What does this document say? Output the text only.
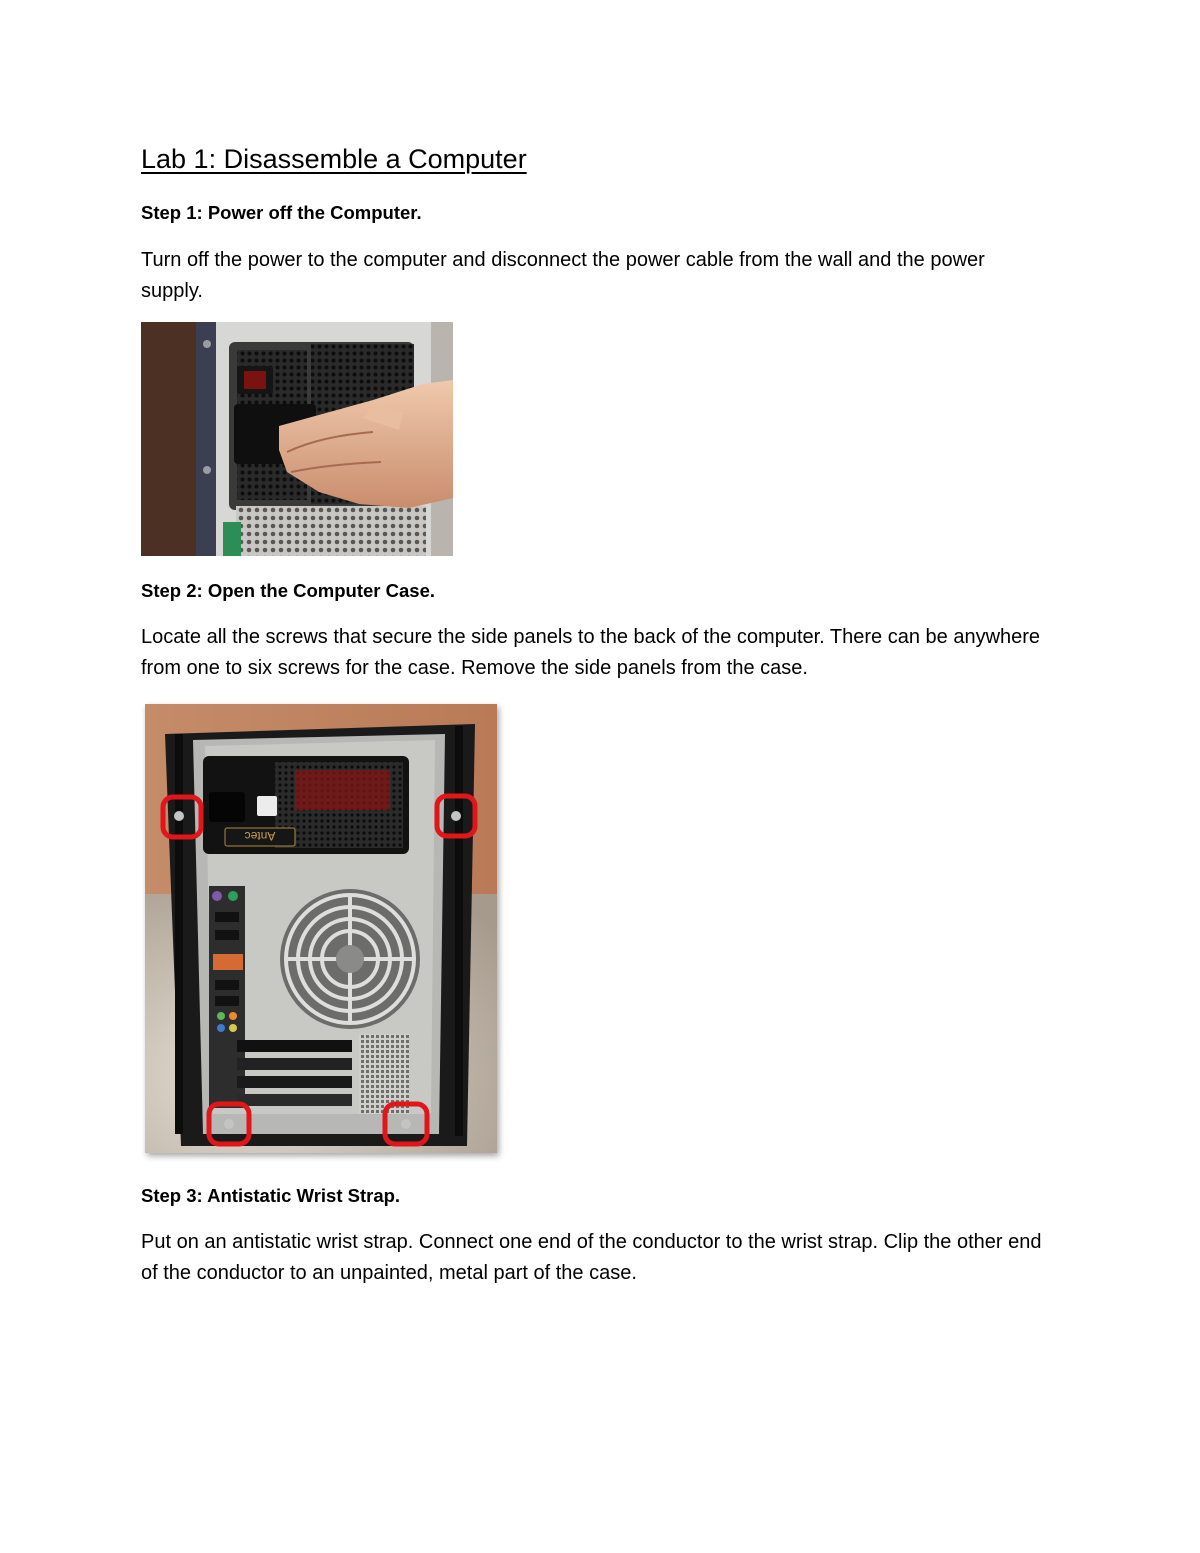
Lab 1: Disassemble a Computer
Step 1: Power off the Computer.

Turn off the power to the computer and disconnect the power cable from the wall and the power supply.

Step 2: Open the Computer Case.

Locate all the screws that secure the side panels to the back of the computer. There can be anywhere from one to six screws for the case. Remove the side panels from the case.

Antec
Step 3: Antistatic Wrist Strap.

Put on an antistatic wrist strap. Connect one end of the conductor to the wrist strap. Clip the other end of the conductor to an unpainted, metal part of the case.
